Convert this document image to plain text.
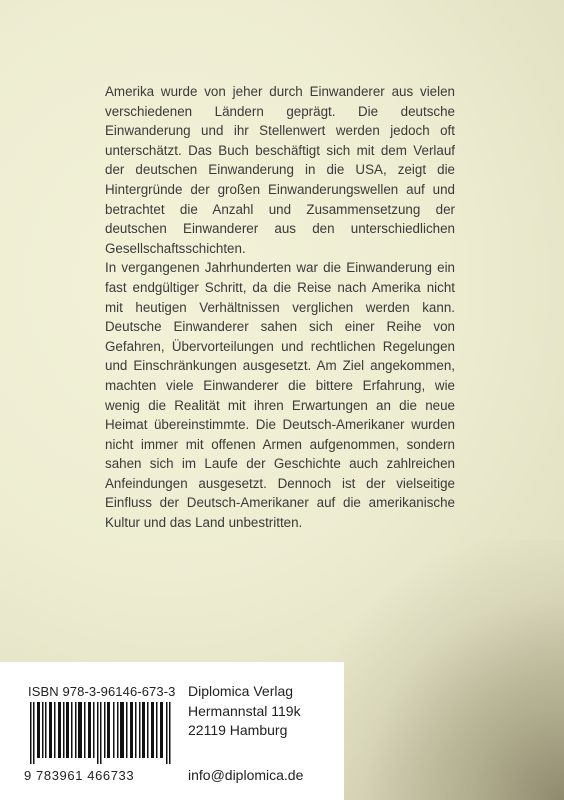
Amerika wurde von jeher durch Einwanderer aus vielen verschiedenen Ländern geprägt. Die deutsche Einwanderung und ihr Stellenwert werden jedoch oft unterschätzt. Das Buch beschäftigt sich mit dem Verlauf der deutschen Einwanderung in die USA, zeigt die Hintergründe der großen Einwanderungswellen auf und betrachtet die Anzahl und Zusammensetzung der deutschen Einwanderer aus den unterschiedlichen Gesellschaftsschichten.

In vergangenen Jahrhunderten war die Einwanderung ein fast endgültiger Schritt, da die Reise nach Amerika nicht mit heutigen Verhältnissen verglichen werden kann. Deutsche Einwanderer sahen sich einer Reihe von Gefahren, Übervorteilungen und rechtlichen Regelungen und Einschränkungen ausgesetzt. Am Ziel angekommen, machten viele Einwanderer die bittere Erfahrung, wie wenig die Realität mit ihren Erwartungen an die neue Heimat übereinstimmte. Die Deutsch-Amerikaner wurden nicht immer mit offenen Armen aufgenommen, sondern sahen sich im Laufe der Geschichte auch zahlreichen Anfeindungen ausgesetzt. Dennoch ist der vielseitige Einfluss der Deutsch-Amerikaner auf die amerikanische Kultur und das Land unbestritten.

ISBN 978-3-96146-673-3
9 783961 466733
Diplomica Verlag
Hermannstal 119k
22119 Hamburg
info@diplomica.de
